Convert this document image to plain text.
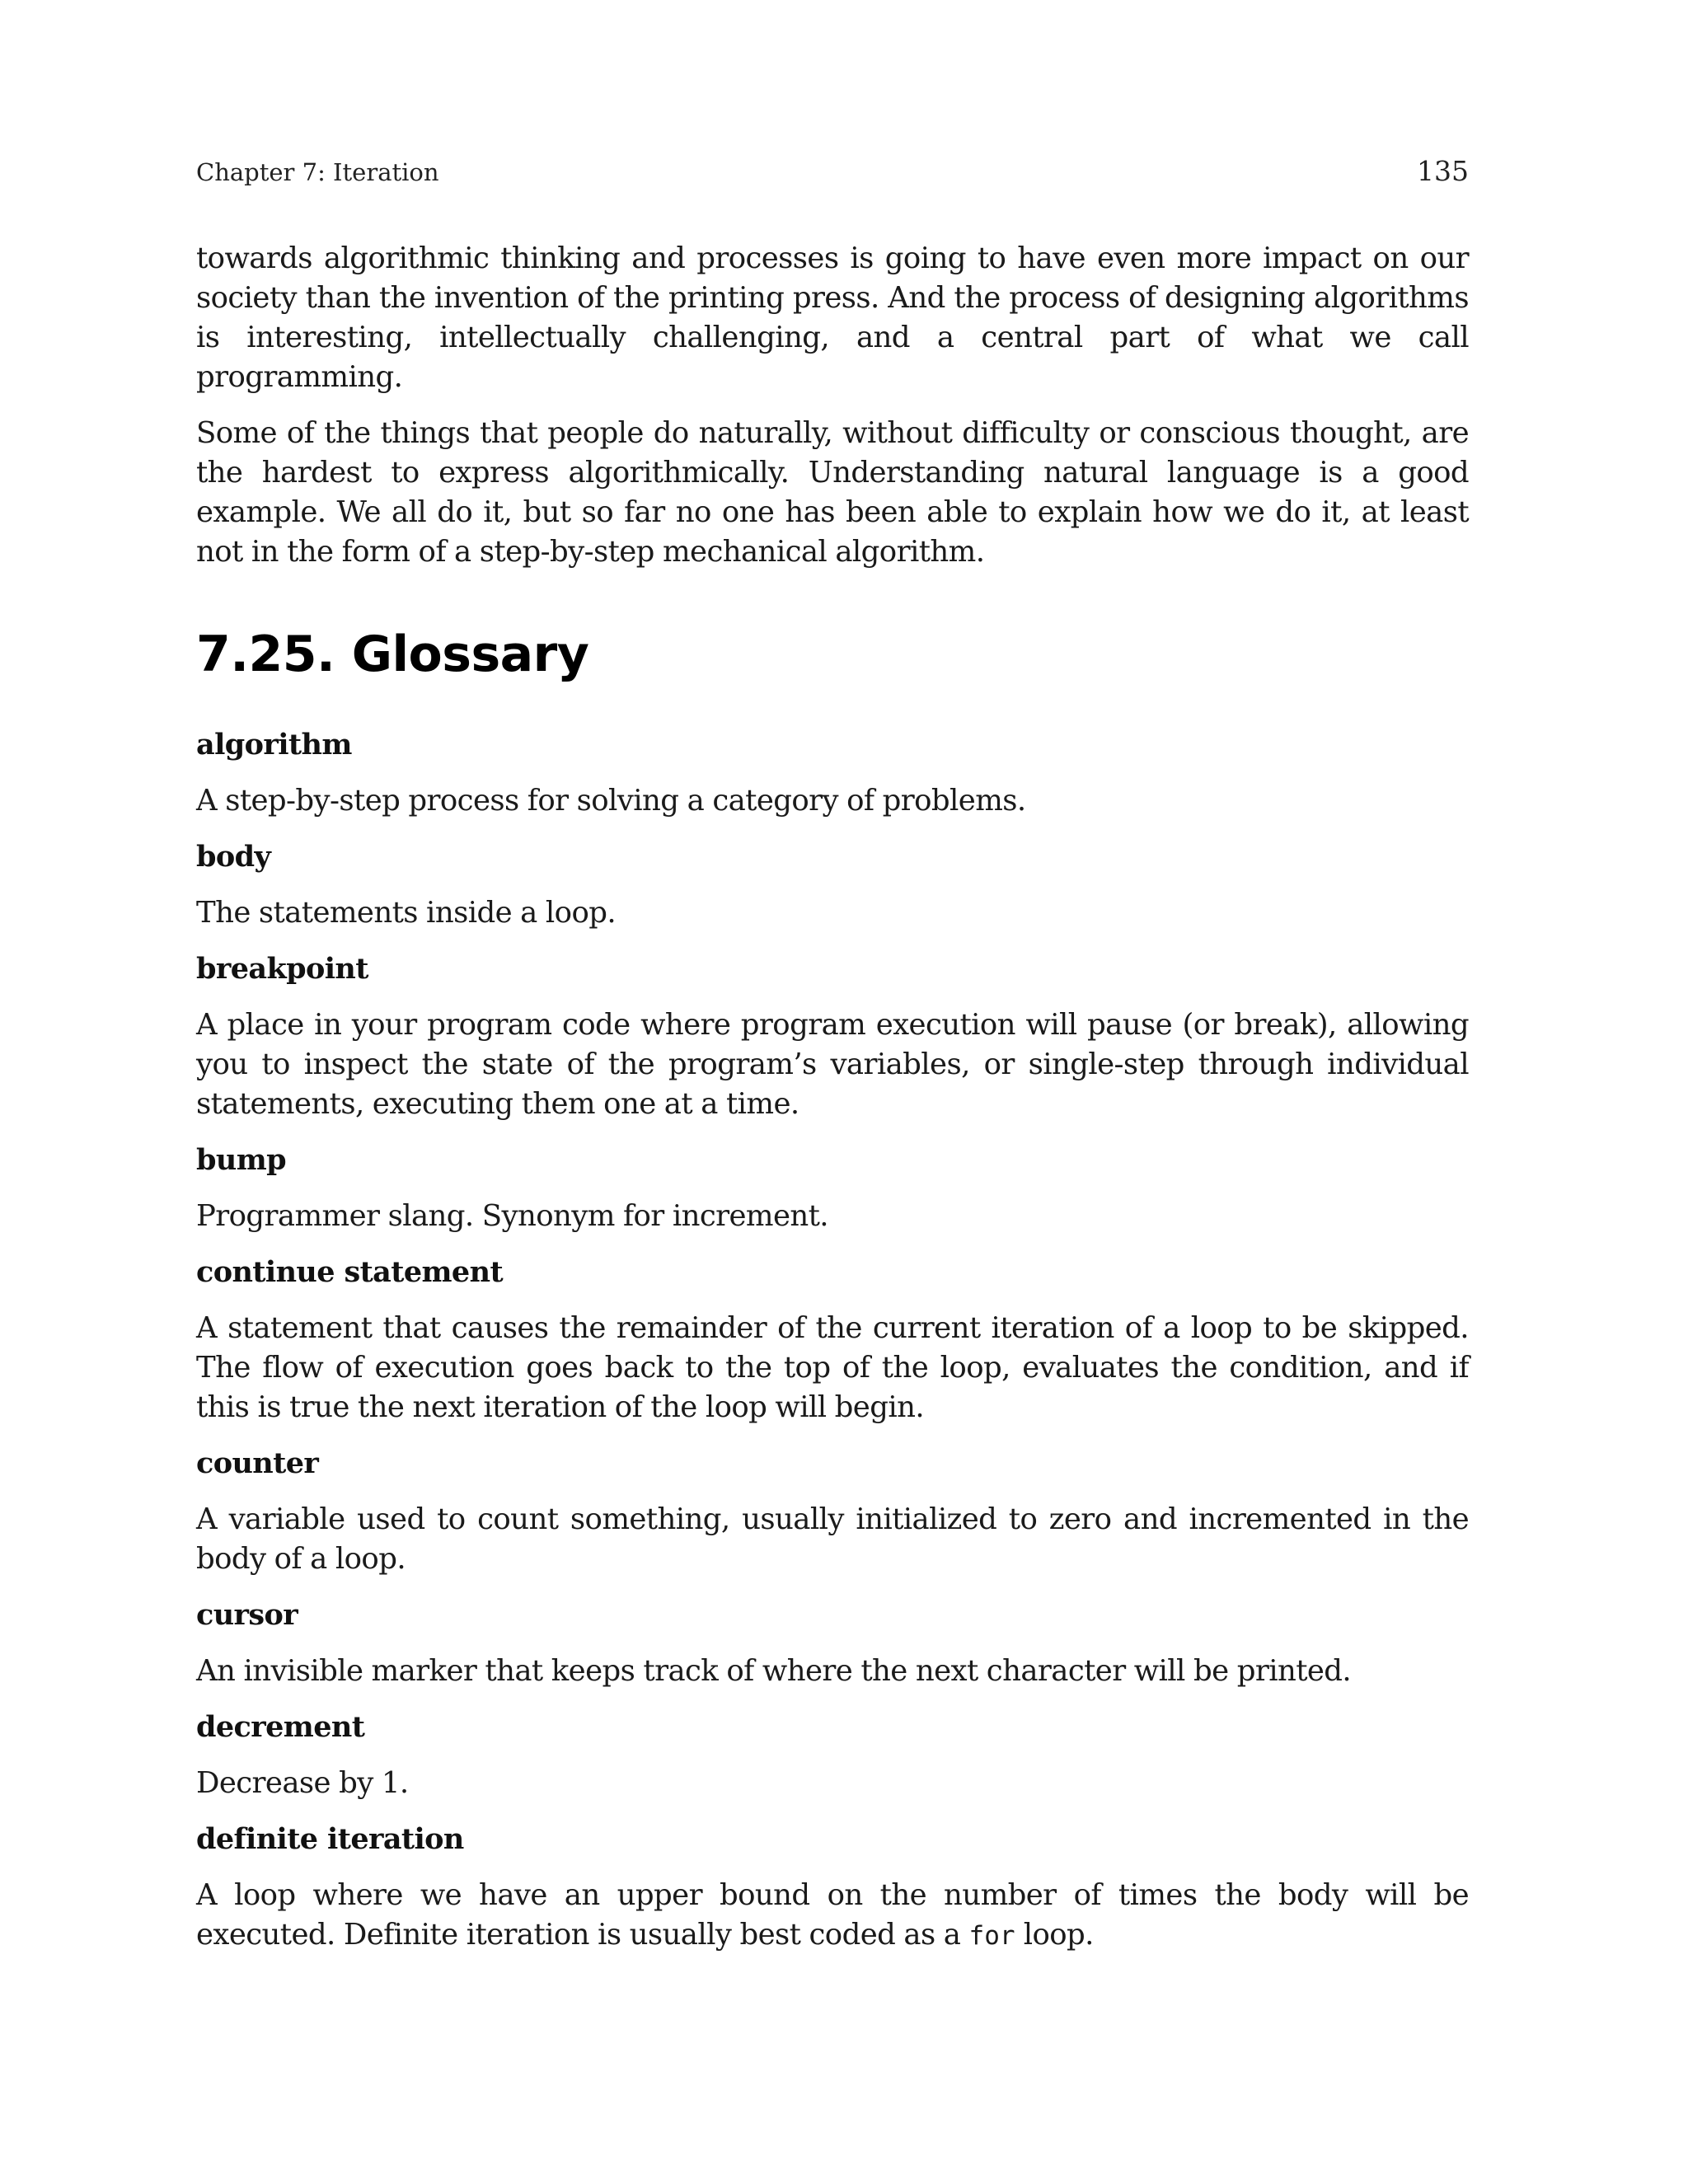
Chapter 7: Iteration	135

towards algorithmic thinking and processes is going to have even more impact on our society than the invention of the printing press. And the process of designing algorithms is interesting, intellectually challenging, and a central part of what we call programming.

Some of the things that people do naturally, without difficulty or conscious thought, are the hardest to express algorithmically. Understanding natural language is a good example. We all do it, but so far no one has been able to explain how we do it, at least not in the form of a step-by-step mechanical algorithm.

7.25. Glossary
algorithm
A step-by-step process for solving a category of problems.
body
The statements inside a loop.
breakpoint
A place in your program code where program execution will pause (or break), allowing you to inspect the state of the program’s variables, or single-step through individual statements, executing them one at a time.
bump
Programmer slang. Synonym for increment.
continue statement
A statement that causes the remainder of the current iteration of a loop to be skipped. The flow of execution goes back to the top of the loop, evaluates the condition, and if this is true the next iteration of the loop will begin.
counter
A variable used to count something, usually initialized to zero and incremented in the body of a loop.
cursor
An invisible marker that keeps track of where the next character will be printed.
decrement
Decrease by 1.
definite iteration
A loop where we have an upper bound on the number of times the body will be executed. Definite iteration is usually best coded as a for loop.
